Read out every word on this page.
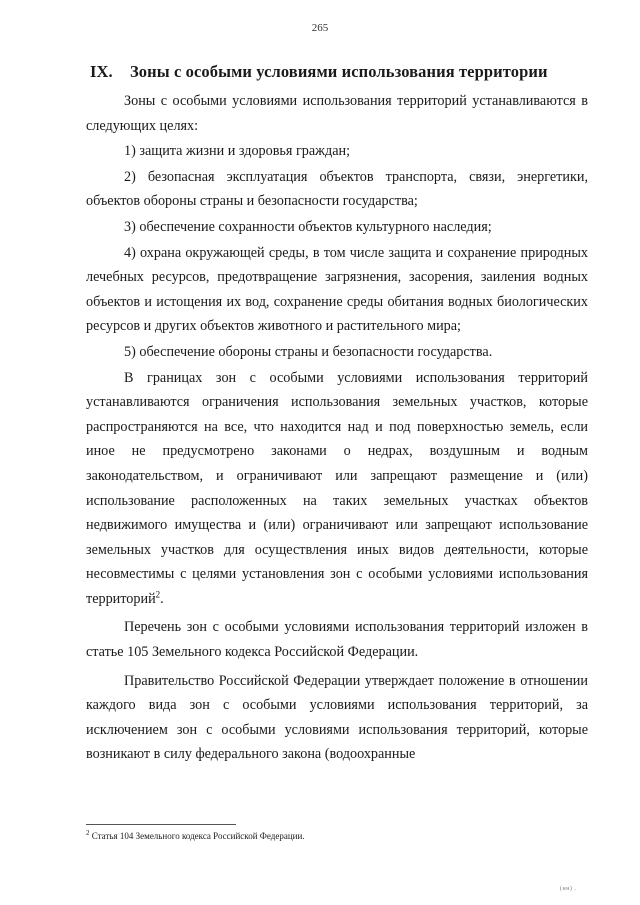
265
IX. Зоны с особыми условиями использования территории

Зоны с особыми условиями использования территорий устанавливаются в следующих целях:

1) защита жизни и здоровья граждан;

2) безопасная эксплуатация объектов транспорта, связи, энергетики, объектов обороны страны и безопасности государства;

3) обеспечение сохранности объектов культурного наследия;

4) охрана окружающей среды, в том числе защита и сохранение природных лечебных ресурсов, предотвращение загрязнения, засорения, заиления водных объектов и истощения их вод, сохранение среды обитания водных биологических ресурсов и других объектов животного и растительного мира;

5) обеспечение обороны страны и безопасности государства.

В границах зон с особыми условиями использования территорий устанавливаются ограничения использования земельных участков, которые распространяются на все, что находится над и под поверхностью земель, если иное не предусмотрено законами о недрах, воздушным и водным законодательством, и ограничивают или запрещают размещение и (или) использование расположенных на таких земельных участках объектов недвижимого имущества и (или) ограничивают или запрещают использование земельных участков для осуществления иных видов деятельности, которые несовместимы с целями установления зон с особыми условиями использования территорий$^2$.

Перечень зон с особыми условиями использования территорий изложен в статье 105 Земельного кодекса Российской Федерации.

Правительство Российской Федерации утверждает положение в отношении каждого вида зон с особыми условиями использования территорий, за исключением зон с особыми условиями использования территорий, которые возникают в силу федерального закона (водоохранные

$^2$ Статья 104 Земельного кодекса Российской Федерации.
(нн) .
